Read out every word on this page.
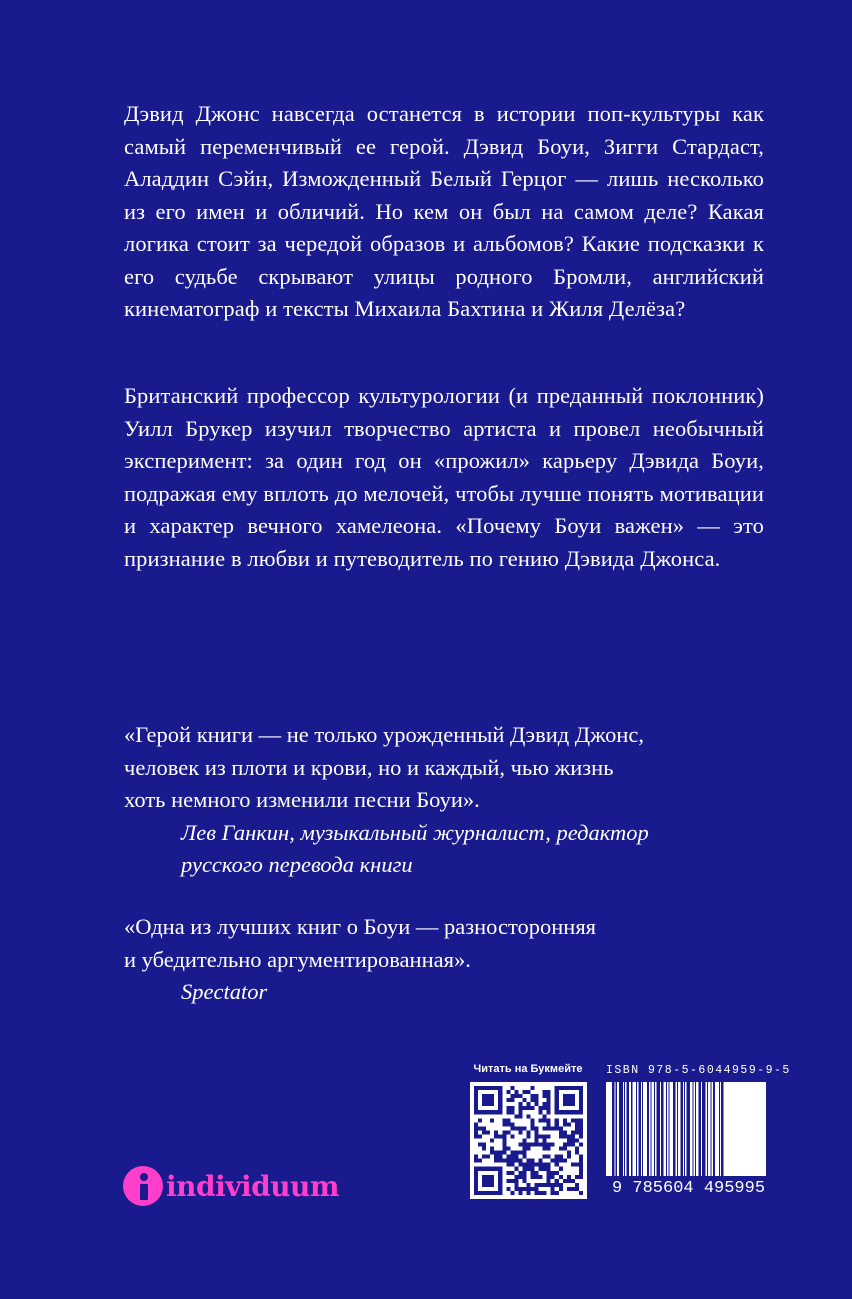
Дэвид Джонс навсегда останется в истории поп-культуры как самый переменчивый ее герой. Дэвид Боуи, Зигги Стардаст, Аладдин Сэйн, Изможденный Белый Герцог — лишь несколько из его имен и обличий. Но кем он был на самом деле? Какая логика стоит за чередой образов и альбомов? Какие подсказки к его судьбе скрывают улицы родного Бромли, английский кинематограф и тексты Михаила Бахтина и Жиля Делёза?
Британский профессор культурологии (и преданный поклонник) Уилл Брукер изучил творчество артиста и провел необычный эксперимент: за один год он «прожил» карьеру Дэвида Боуи, подражая ему вплоть до мелочей, чтобы лучше понять мотивации и характер вечного хамелеона. «Почему Боуи важен» — это признание в любви и путеводитель по гению Дэвида Джонса.
«Герой книги — не только урожденный Дэвид Джонс,
человек из плоти и крови, но и каждый, чью жизнь
хоть немного изменили песни Боуи».
Лев Ганкин, музыкальный журналист, редактор
русского перевода книги
«Одна из лучших книг о Боуи — разносторонняя
и убедительно аргументированная».
Spectator
individuum
Читать на Букмейте	ISBN 978-5-6044959-9-5
9 785604 495995
